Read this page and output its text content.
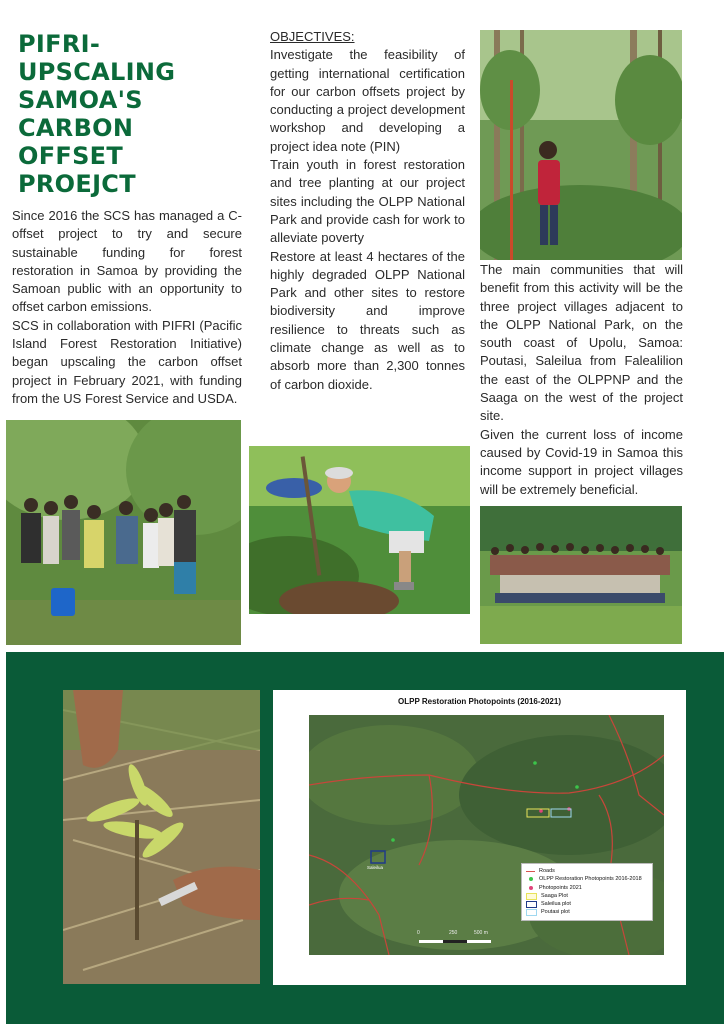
PIFRI-
UPSCALING
SAMOA'S
CARBON
OFFSET
PROEJCT
Since 2016 the SCS has managed a C-offset project to try and secure sustainable funding for forest restoration in Samoa by providing the Samoan public with an opportunity to offset carbon emissions.
SCS in collaboration with PIFRI (Pacific Island Forest Restoration Initiative) began upscaling the carbon offset project in February 2021, with funding from the US Forest Service and USDA.
OBJECTIVES:
Investigate the feasibility of getting international certification for our carbon offsets project by conducting a project development workshop and developing a project idea note (PIN)
Train youth in forest restoration and tree planting at our project sites including the OLPP National Park and provide cash for work to alleviate poverty
Restore at least 4 hectares of the highly degraded OLPP National Park and other sites to restore biodiversity and improve resilience to threats such as climate change as well as to absorb more than 2,300 tonnes of carbon dioxide.
The main communities that will benefit from this activity will be the three project villages adjacent to the OLPP National Park, on the south coast of Upolu, Samoa: Poutasi, Saleilua from Falealilion the east of the OLPPNP and the Saaga on the west of the project site.
Given the current loss of income caused by Covid-19 in Samoa this income support in project villages will be extremely beneficial.
OLPP Restoration Photopoints (2016-2021)
Saleilua
0	250	500 m
Roads
OLPP Restoration Photopoints 2016-2018
Photopoints 2021
Saaga Plot
Saleilua plot
Poutasi plot
